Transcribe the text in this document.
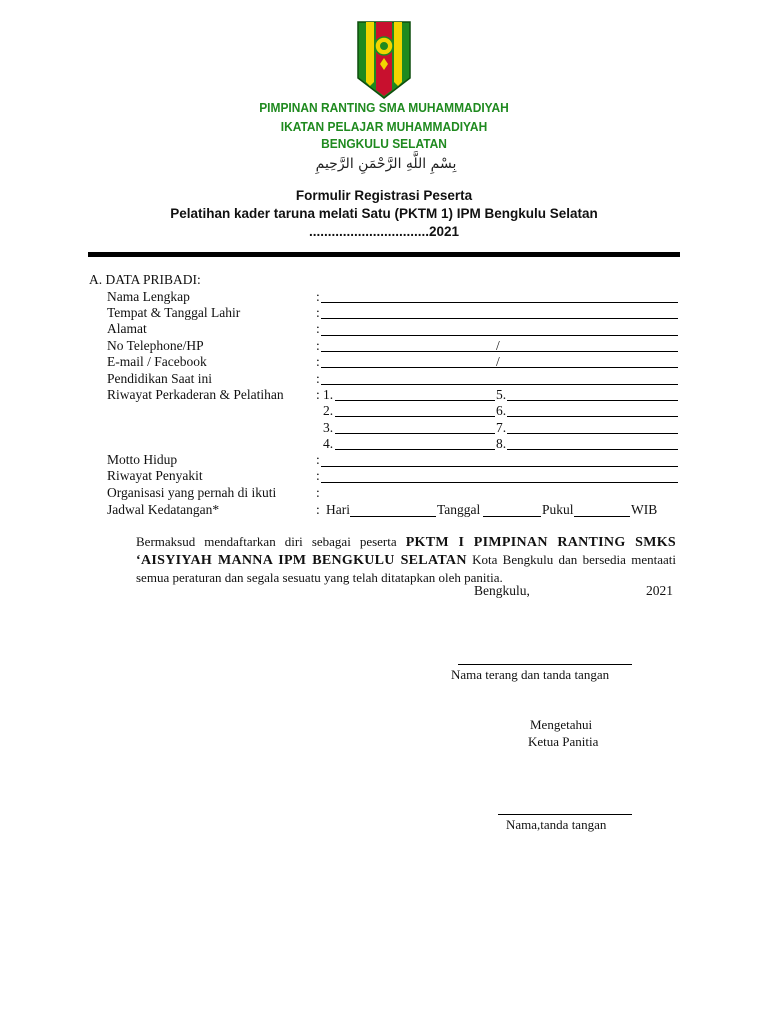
PIMPINAN RANTING SMA MUHAMMADIYAH
IKATAN PELAJAR MUHAMMADIYAH
BENGKULU SELATAN
بِسْمِ اللَّهِ الرَّحْمَنِ الرَّحِيمِ
Formulir Registrasi Peserta
Pelatihan kader taruna melati Satu (PKTM 1) IPM Bengkulu Selatan
................................2021
A. DATA PRIBADI:
Nama Lengkap	:
Tempat & Tanggal Lahir	:
Alamat	:
No Telephone/HP	:	/
E-mail / Facebook	:	/
Pendidikan Saat ini	:
Riwayat Perkaderan & Pelatihan : 1.	5.
2.	6.
3.	7.
4.	8.
Motto Hidup	:
Riwayat Penyakit	:
Organisasi yang pernah di ikuti	:
Jadwal Kedatangan*	: Hari	Tanggal	Pukul	WIB
Bermaksud mendaftarkan diri sebagai peserta PKTM I PIMPINAN RANTING SMKS ‘AISYIYAH MANNA IPM BENGKULU SELATAN Kota Bengkulu dan bersedia mentaati semua peraturan dan segala sesuatu yang telah ditatapkan oleh panitia.
Bengkulu,	2021
Nama terang dan tanda tangan
Mengetahui
Ketua Panitia
Nama,tanda tangan
